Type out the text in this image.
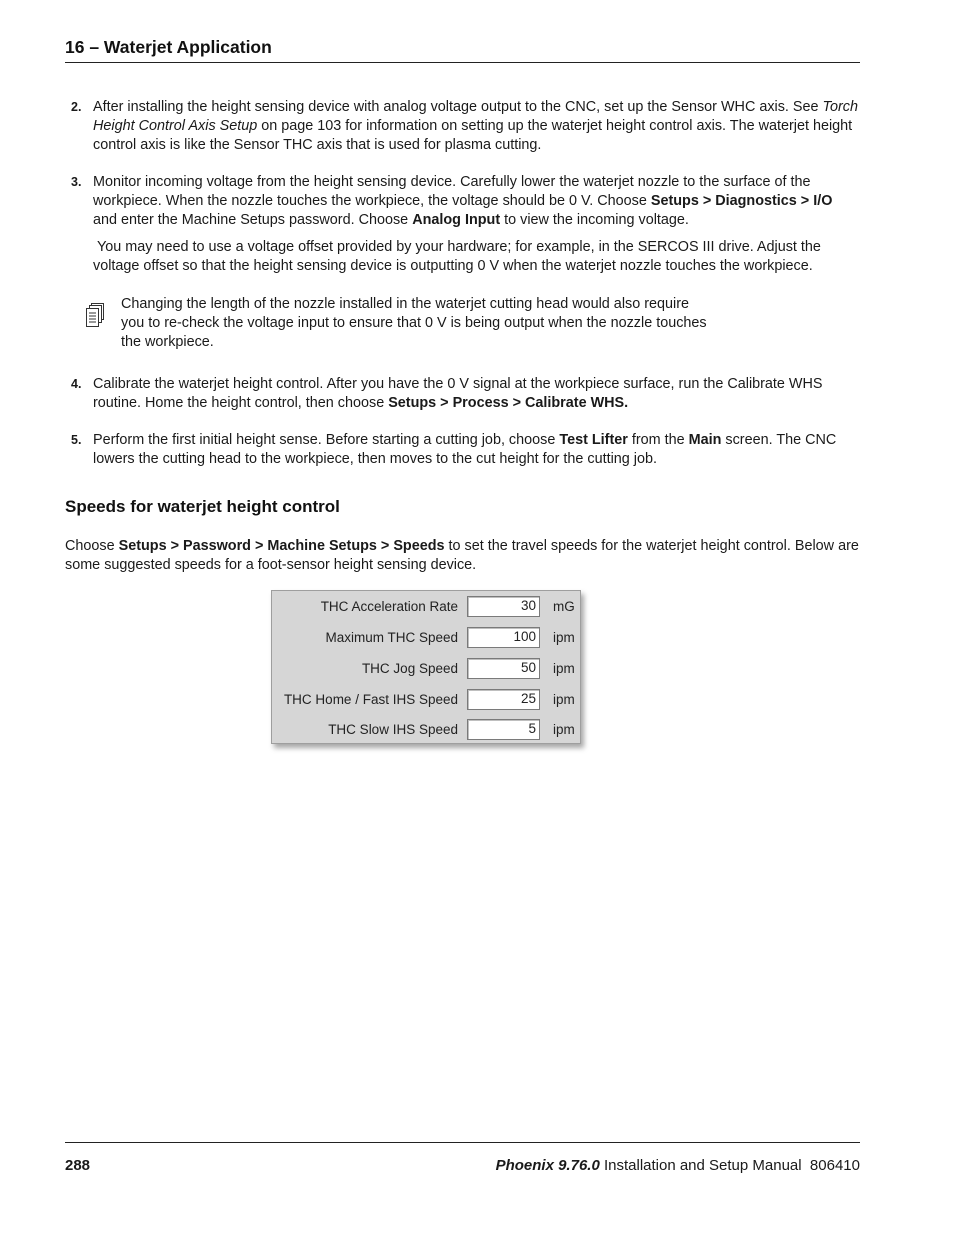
16 – Waterjet Application
2. After installing the height sensing device with analog voltage output to the CNC, set up the Sensor WHC axis. See Torch Height Control Axis Setup on page 103 for information on setting up the waterjet height control axis. The waterjet height control axis is like the Sensor THC axis that is used for plasma cutting.
3. Monitor incoming voltage from the height sensing device. Carefully lower the waterjet nozzle to the surface of the workpiece. When the nozzle touches the workpiece, the voltage should be 0 V. Choose Setups > Diagnostics > I/O and enter the Machine Setups password. Choose Analog Input to view the incoming voltage.
You may need to use a voltage offset provided by your hardware; for example, in the SERCOS III drive. Adjust the voltage offset so that the height sensing device is outputting 0 V when the waterjet nozzle touches the workpiece.
Changing the length of the nozzle installed in the waterjet cutting head would also require you to re-check the voltage input to ensure that 0 V is being output when the nozzle touches the workpiece.
4. Calibrate the waterjet height control. After you have the 0 V signal at the workpiece surface, run the Calibrate WHS routine. Home the height control, then choose Setups > Process > Calibrate WHS.
5. Perform the first initial height sense. Before starting a cutting job, choose Test Lifter from the Main screen. The CNC lowers the cutting head to the workpiece, then moves to the cut height for the cutting job.
Speeds for waterjet height control
Choose Setups > Password > Machine Setups > Speeds to set the travel speeds for the waterjet height control. Below are some suggested speeds for a foot-sensor height sensing device.
THC Acceleration Rate	30 mG
Maximum THC Speed	100 ipm
THC Jog Speed	50 ipm
THC Home / Fast IHS Speed	25 ipm
THC Slow IHS Speed	5 ipm
288	Phoenix 9.76.0 Installation and Setup Manual  806410
